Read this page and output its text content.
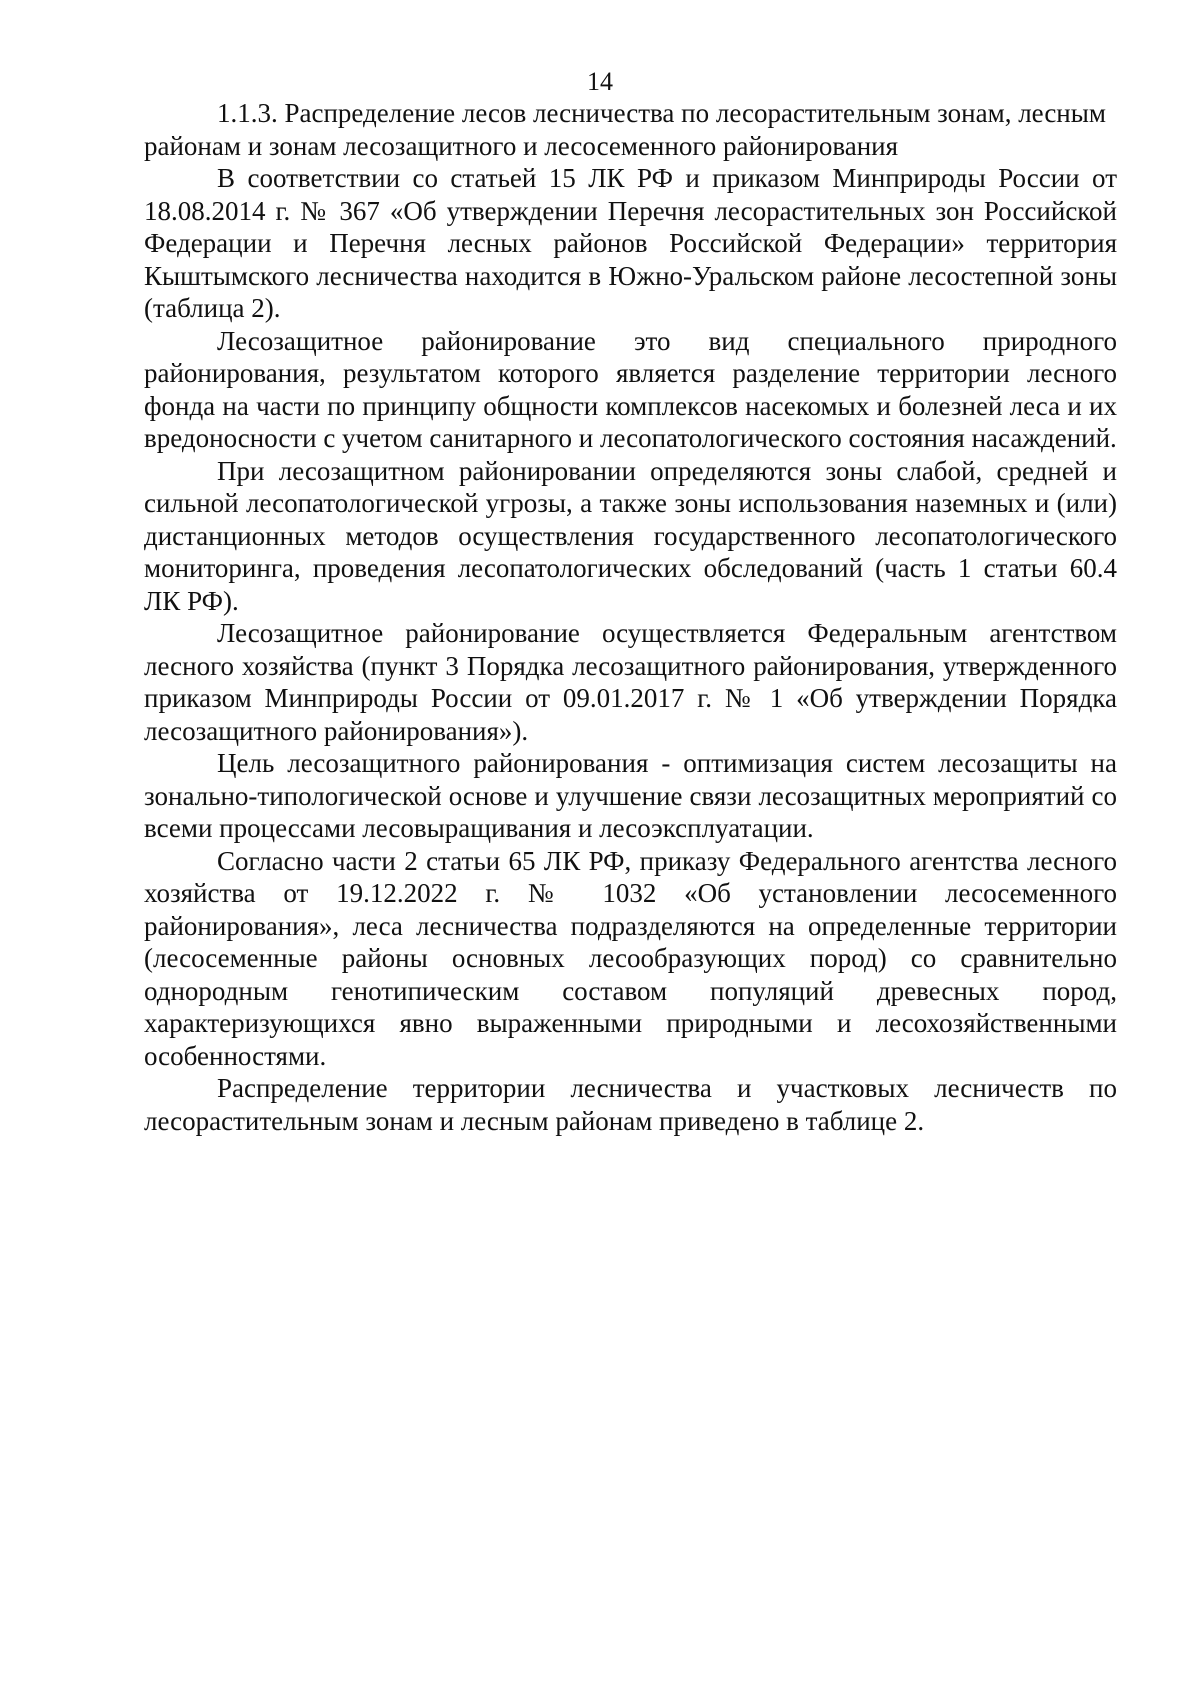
14

1.1.3. Распределение лесов лесничества по лесорастительным зонам, лесным районам и зонам лесозащитного и лесосеменного районирования

В соответствии со статьей 15 ЛК РФ и приказом Минприроды России от 18.08.2014 г. № 367 «Об утверждении Перечня лесорастительных зон Российской Федерации и Перечня лесных районов Российской Федерации» территория Кыштымского лесничества находится в Южно-Уральском районе лесостепной зоны (таблица 2).

Лесозащитное районирование это вид специального природного районирования, результатом которого является разделение территории лесного фонда на части по принципу общности комплексов насекомых и болезней леса и их вредоносности с учетом санитарного и лесопатологического состояния насаждений.

При лесозащитном районировании определяются зоны слабой, средней и сильной лесопатологической угрозы, а также зоны использования наземных и (или) дистанционных методов осуществления государственного лесопатологического мониторинга, проведения лесопатологических обследований (часть 1 статьи 60.4 ЛК РФ).

Лесозащитное районирование осуществляется Федеральным агентством лесного хозяйства (пункт 3 Порядка лесозащитного районирования, утвержденного приказом Минприроды России от 09.01.2017 г. № 1 «Об утверждении Порядка лесозащитного районирования»).

Цель лесозащитного районирования - оптимизация систем лесозащиты на зонально-типологической основе и улучшение связи лесозащитных мероприятий со всеми процессами лесовыращивания и лесоэксплуатации.

Согласно части 2 статьи 65 ЛК РФ, приказу Федерального агентства лесного хозяйства от 19.12.2022 г. № 1032 «Об установлении лесосеменного районирования», леса лесничества подразделяются на определенные территории (лесосеменные районы основных лесообразующих пород) со сравнительно однородным генотипическим составом популяций древесных пород, характеризующихся явно выраженными природными и лесохозяйственными особенностями.

Распределение территории лесничества и участковых лесничеств по лесорастительным зонам и лесным районам приведено в таблице 2.
